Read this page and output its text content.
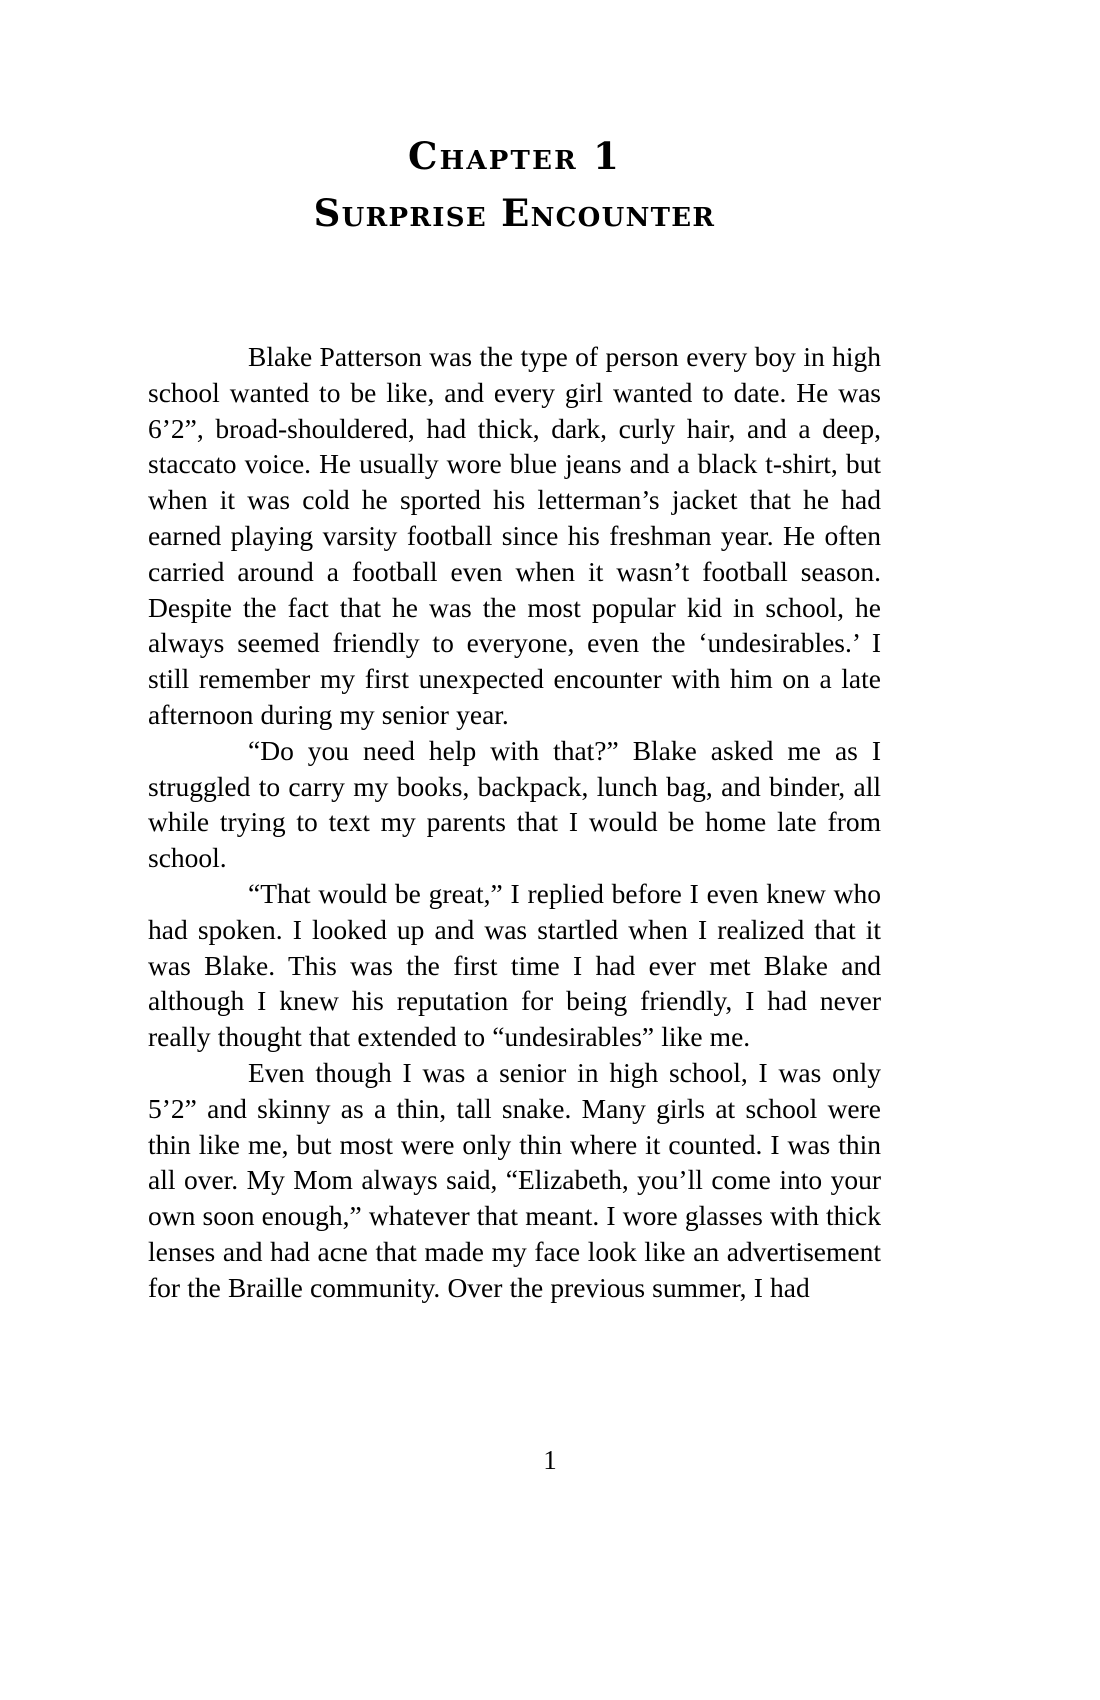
Chapter 1
Surprise Encounter

Blake Patterson was the type of person every boy in high school wanted to be like, and every girl wanted to date. He was 6’2”, broad-shouldered, had thick, dark, curly hair, and a deep, staccato voice. He usually wore blue jeans and a black t-shirt, but when it was cold he sported his letterman’s jacket that he had earned playing varsity football since his freshman year. He often carried around a football even when it wasn’t football season. Despite the fact that he was the most popular kid in school, he always seemed friendly to everyone, even the ‘undesirables.’ I still remember my first unexpected encounter with him on a late afternoon during my senior year.

“Do you need help with that?” Blake asked me as I struggled to carry my books, backpack, lunch bag, and binder, all while trying to text my parents that I would be home late from school.

“That would be great,” I replied before I even knew who had spoken. I looked up and was startled when I realized that it was Blake. This was the first time I had ever met Blake and although I knew his reputation for being friendly, I had never really thought that extended to “undesirables” like me.

Even though I was a senior in high school, I was only 5’2” and skinny as a thin, tall snake. Many girls at school were thin like me, but most were only thin where it counted. I was thin all over. My Mom always said, “Elizabeth, you’ll come into your own soon enough,” whatever that meant. I wore glasses with thick lenses and had acne that made my face look like an advertisement for the Braille community. Over the previous summer, I had

1
